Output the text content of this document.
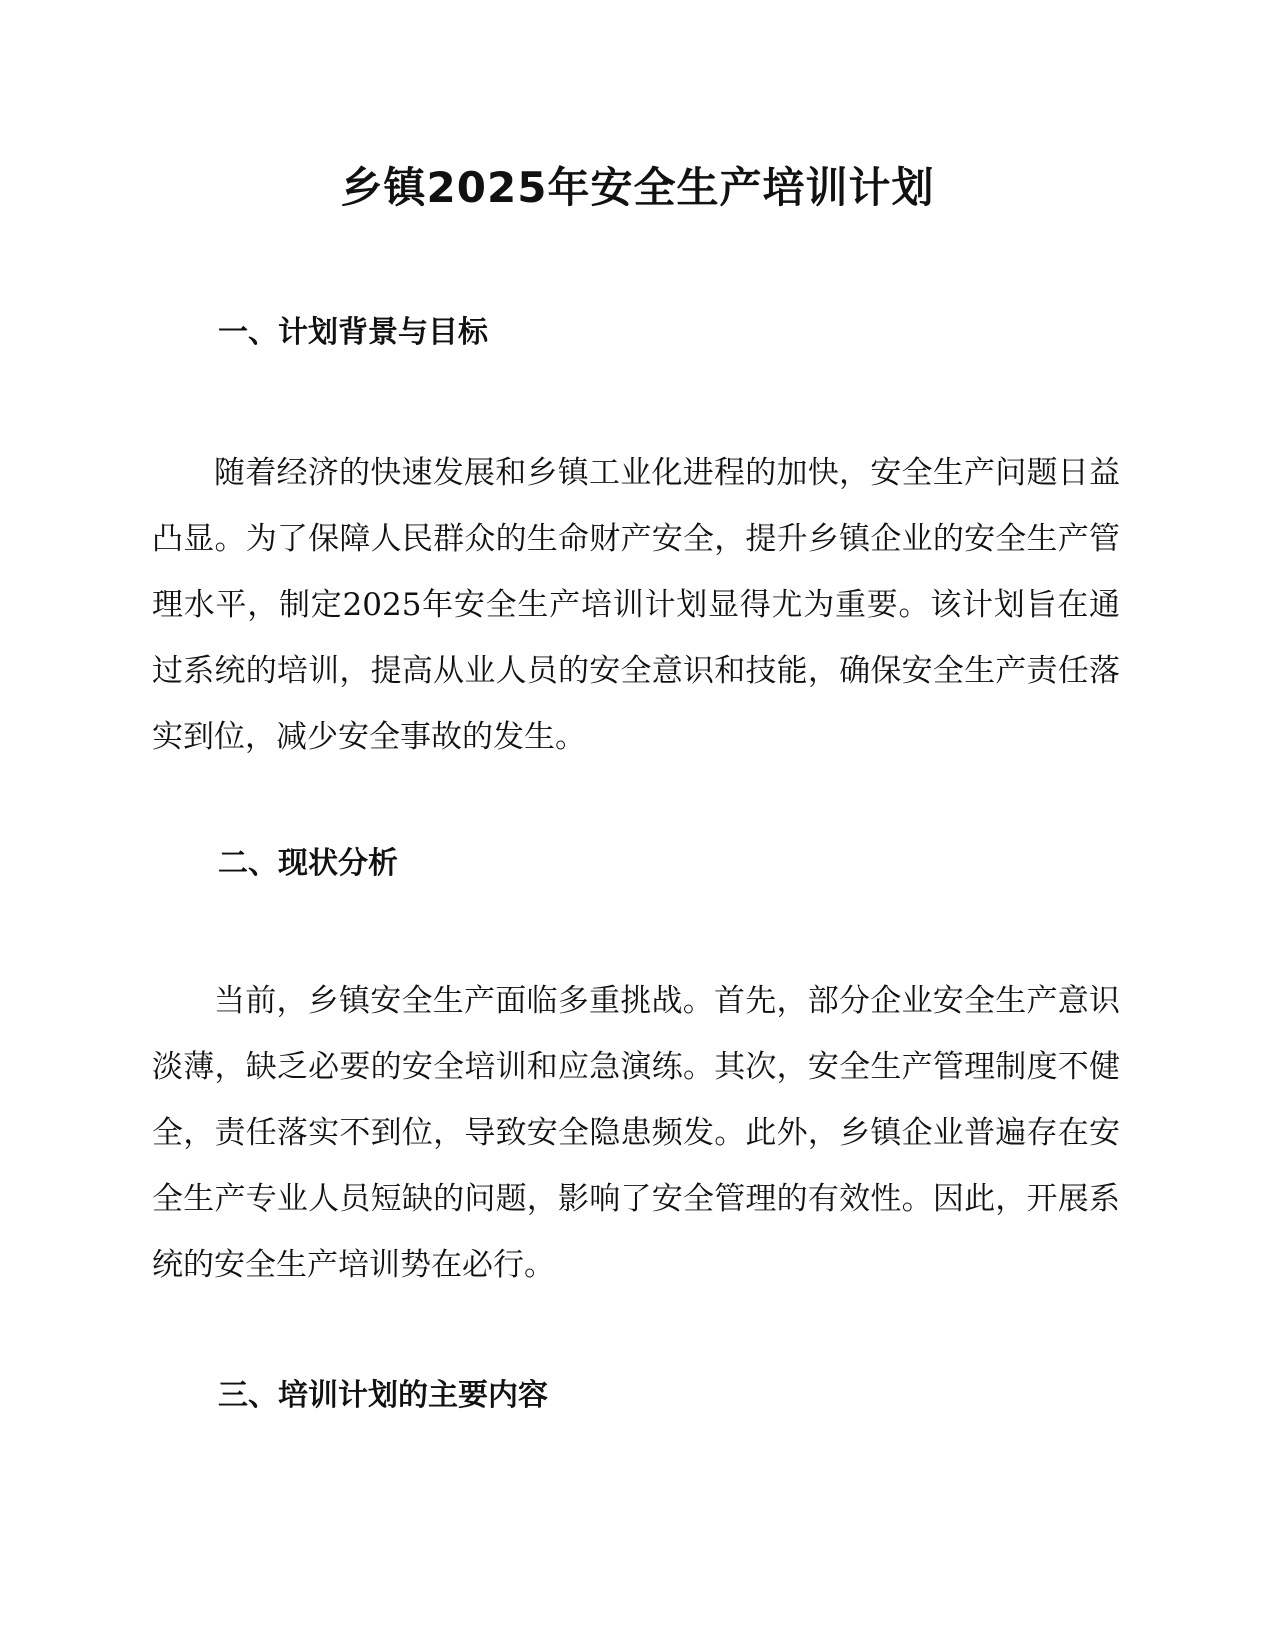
乡镇2025年安全生产培训计划
一、计划背景与目标

随着经济的快速发展和乡镇工业化进程的加快，安全生产问题日益凸显。为了保障人民群众的生命财产安全，提升乡镇企业的安全生产管理水平，制定2025年安全生产培训计划显得尤为重要。该计划旨在通过系统的培训，提高从业人员的安全意识和技能，确保安全生产责任落实到位，减少安全事故的发生。

二、现状分析

当前，乡镇安全生产面临多重挑战。首先，部分企业安全生产意识淡薄，缺乏必要的安全培训和应急演练。其次，安全生产管理制度不健全，责任落实不到位，导致安全隐患频发。此外，乡镇企业普遍存在安全生产专业人员短缺的问题，影响了安全管理的有效性。因此，开展系统的安全生产培训势在必行。

三、培训计划的主要内容
